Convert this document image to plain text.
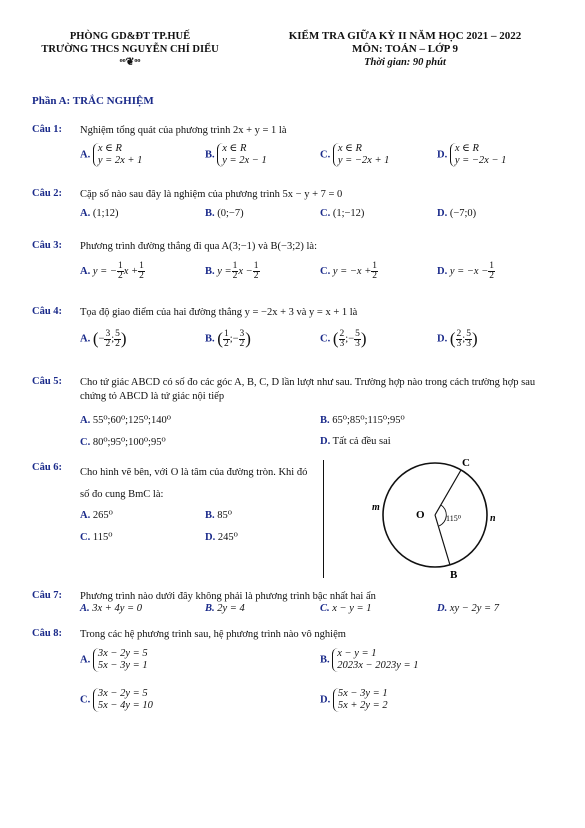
PHÒNG GD&ĐT TP.HUẾ
TRƯỜNG THCS NGUYỄN CHÍ DIỂU
ᵒᵒ❦ᵒᵒ
KIỂM TRA GIỮA KỲ II NĂM HỌC 2021 – 2022
MÔN: TOÁN – LỚP 9
Thời gian: 90 phút
Phần A: TRẮC NGHIỆM
Câu 1: Nghiệm tổng quát của phương trình 2x + y = 1 là
A. x ∈ R
y = 2x + 1
B. x ∈ R
y = 2x − 1
C. x ∈ R
y = −2x + 1
D. x ∈ R
y = −2x − 1
Câu 2: Cặp số nào sau đây là nghiệm của phương trình 5x − y + 7 = 0
A. (1;12)	B. (0;−7)	C. (1;−12)	D. (−7;0)
Câu 3: Phương trình đường thẳng đi qua A(3;−1) và B(−3;2) là:
A. y = − $\frac{1}{2}$ $x + \frac{1}{2}$	B. $y = \frac{1}{2}$ $x - \frac{1}{2}$	C. $y = -x + \frac{1}{2}$	D. $y = -x - \frac{1}{2}$
Câu 4: Tọa độ giao điểm của hai đường thẳng y = −2x + 3 và y = x + 1 là
A. (− $\frac{3}{2}$ ; $\frac{5}{2}$ )	B. ( $\frac{1}{2}$ ;− $\frac{3}{2}$ )	C. ( $\frac{2}{3}$ ;− $\frac{5}{3}$ )	D. ( $\frac{2}{3}$ ; $\frac{5}{3}$ )
Câu 5: Cho tứ giác ABCD có số đo các góc A, B, C, D lần lượt như sau. Trường hợp nào trong cách trường hợp sau chứng tỏ ABCD là tứ giác nội tiếp
A. 55⁰;60⁰;125⁰;140⁰	B. 65⁰;85⁰;115⁰;95⁰
C. 80⁰;95⁰;100⁰;95⁰	D. Tất cả đều sai
Câu 6: Cho hình vẽ bên, với O là tâm của đường tròn. Khi đó số đo cung BmC là:
A. 265⁰	B. 85⁰
C. 115⁰	D. 245⁰
C
B
O
m
n
115⁰
Câu 7: Phương trình nào dưới đây không phải là phương trình bậc nhất hai ẩn
A. 3x + 4y = 0	B. 2y = 4	C. x − y = 1	D. xy − 2y = 7
Câu 8: Trong các hệ phương trình sau, hệ phương trình nào vô nghiệm
A. 3x − 2y = 5
5x − 3y = 1
B. x − y = 1
2023x − 2023y = 1
C. 3x − 2y = 5
5x − 4y = 10
D. 5x − 3y = 1
5x + 2y = 2
